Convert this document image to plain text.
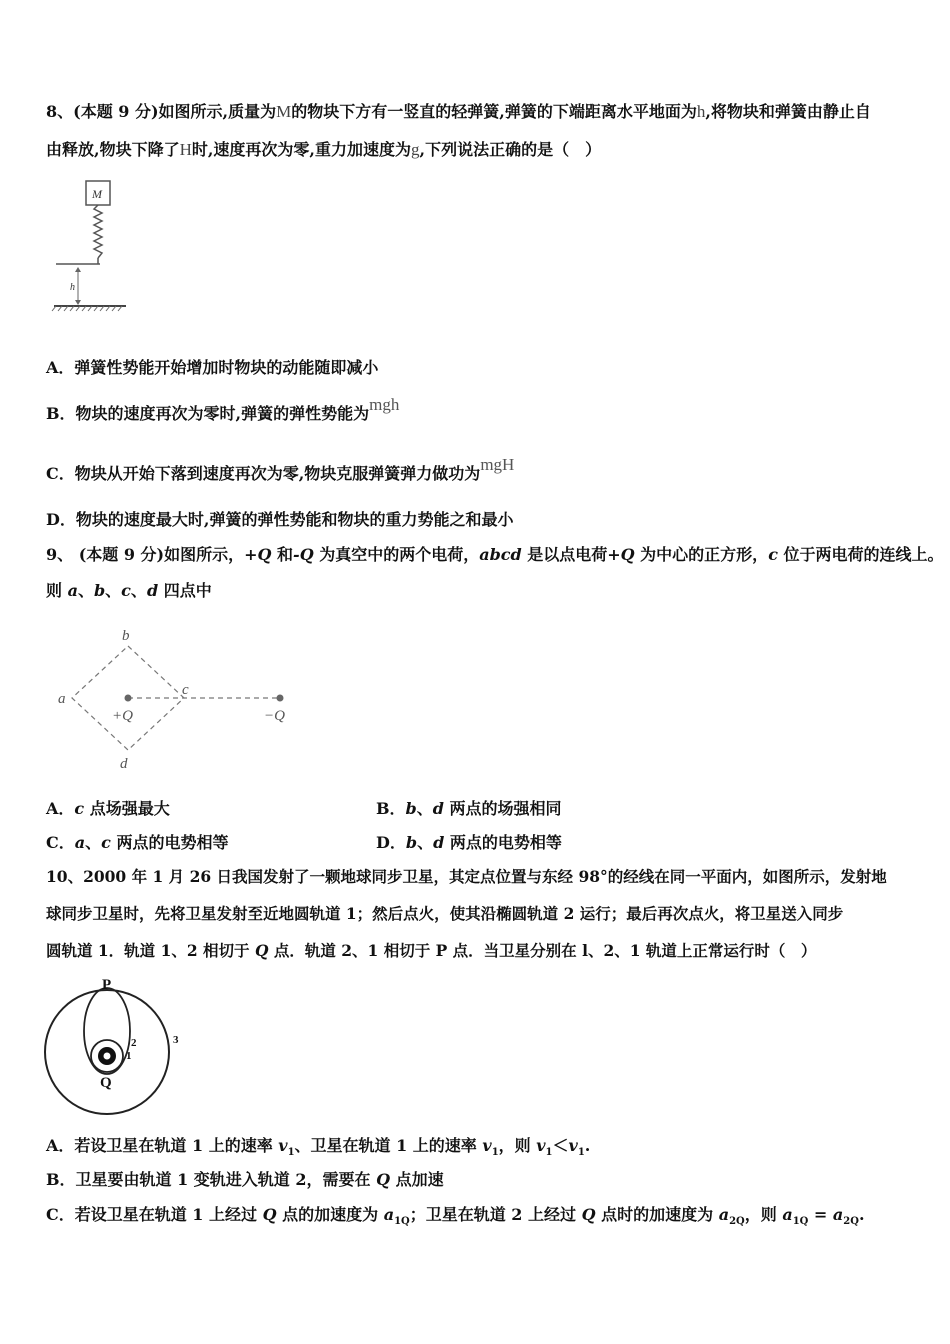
8、(本题 9 分)如图所示,质量为M的物块下方有一竖直的轻弹簧,弹簧的下端距离水平地面为h,将物块和弹簧由静止自
由释放,物块下降了H时,速度再次为零,重力加速度为g,下列说法正确的是（　）
M
h
A．弹簧性势能开始增加时物块的动能随即减小
B．物块的速度再次为零时,弹簧的弹性势能为mgh
C．物块从开始下落到速度再次为零,物块克服弹簧弹力做功为mgH
D．物块的速度最大时,弹簧的弹性势能和物块的重力势能之和最小
9、 (本题 9 分)如图所示，+Q 和-Q 为真空中的两个电荷，abcd 是以点电荷+Q 为中心的正方形，c 位于两电荷的连线上。
则 a、b、c、d 四点中
b
a
c
d
+Q	−Q
A．c 点场强最大	B．b、d 两点的场强相同
C．a、c 两点的电势相等	D．b、d 两点的电势相等
10、2000 年 1 月 26 日我国发射了一颗地球同步卫星，其定点位置与东经 98°的经线在同一平面内，如图所示，发射地
球同步卫星时，先将卫星发射至近地圆轨道 1；然后点火，使其沿椭圆轨道 2 运行；最后再次点火，将卫星送入同步
圆轨道 1．轨道 1、2 相切于 Q 点．轨道 2、1 相切于 P 点．当卫星分别在 l、2、1 轨道上正常运行时（　）
P
Q
2
1
3
A．若设卫星在轨道 1 上的速率 $v_1$、卫星在轨道 1 上的速率 $v_1$，则 $v_1<v_1$.
B．卫星要由轨道 1 变轨进入轨道 2，需要在 Q 点加速
C．若设卫星在轨道 1 上经过 Q 点的加速度为 $a_{1Q}$；卫星在轨道 2 上经过 Q 点时的加速度为 $a_{2Q}$，则 $a_{1Q} = a_{2Q}$.
